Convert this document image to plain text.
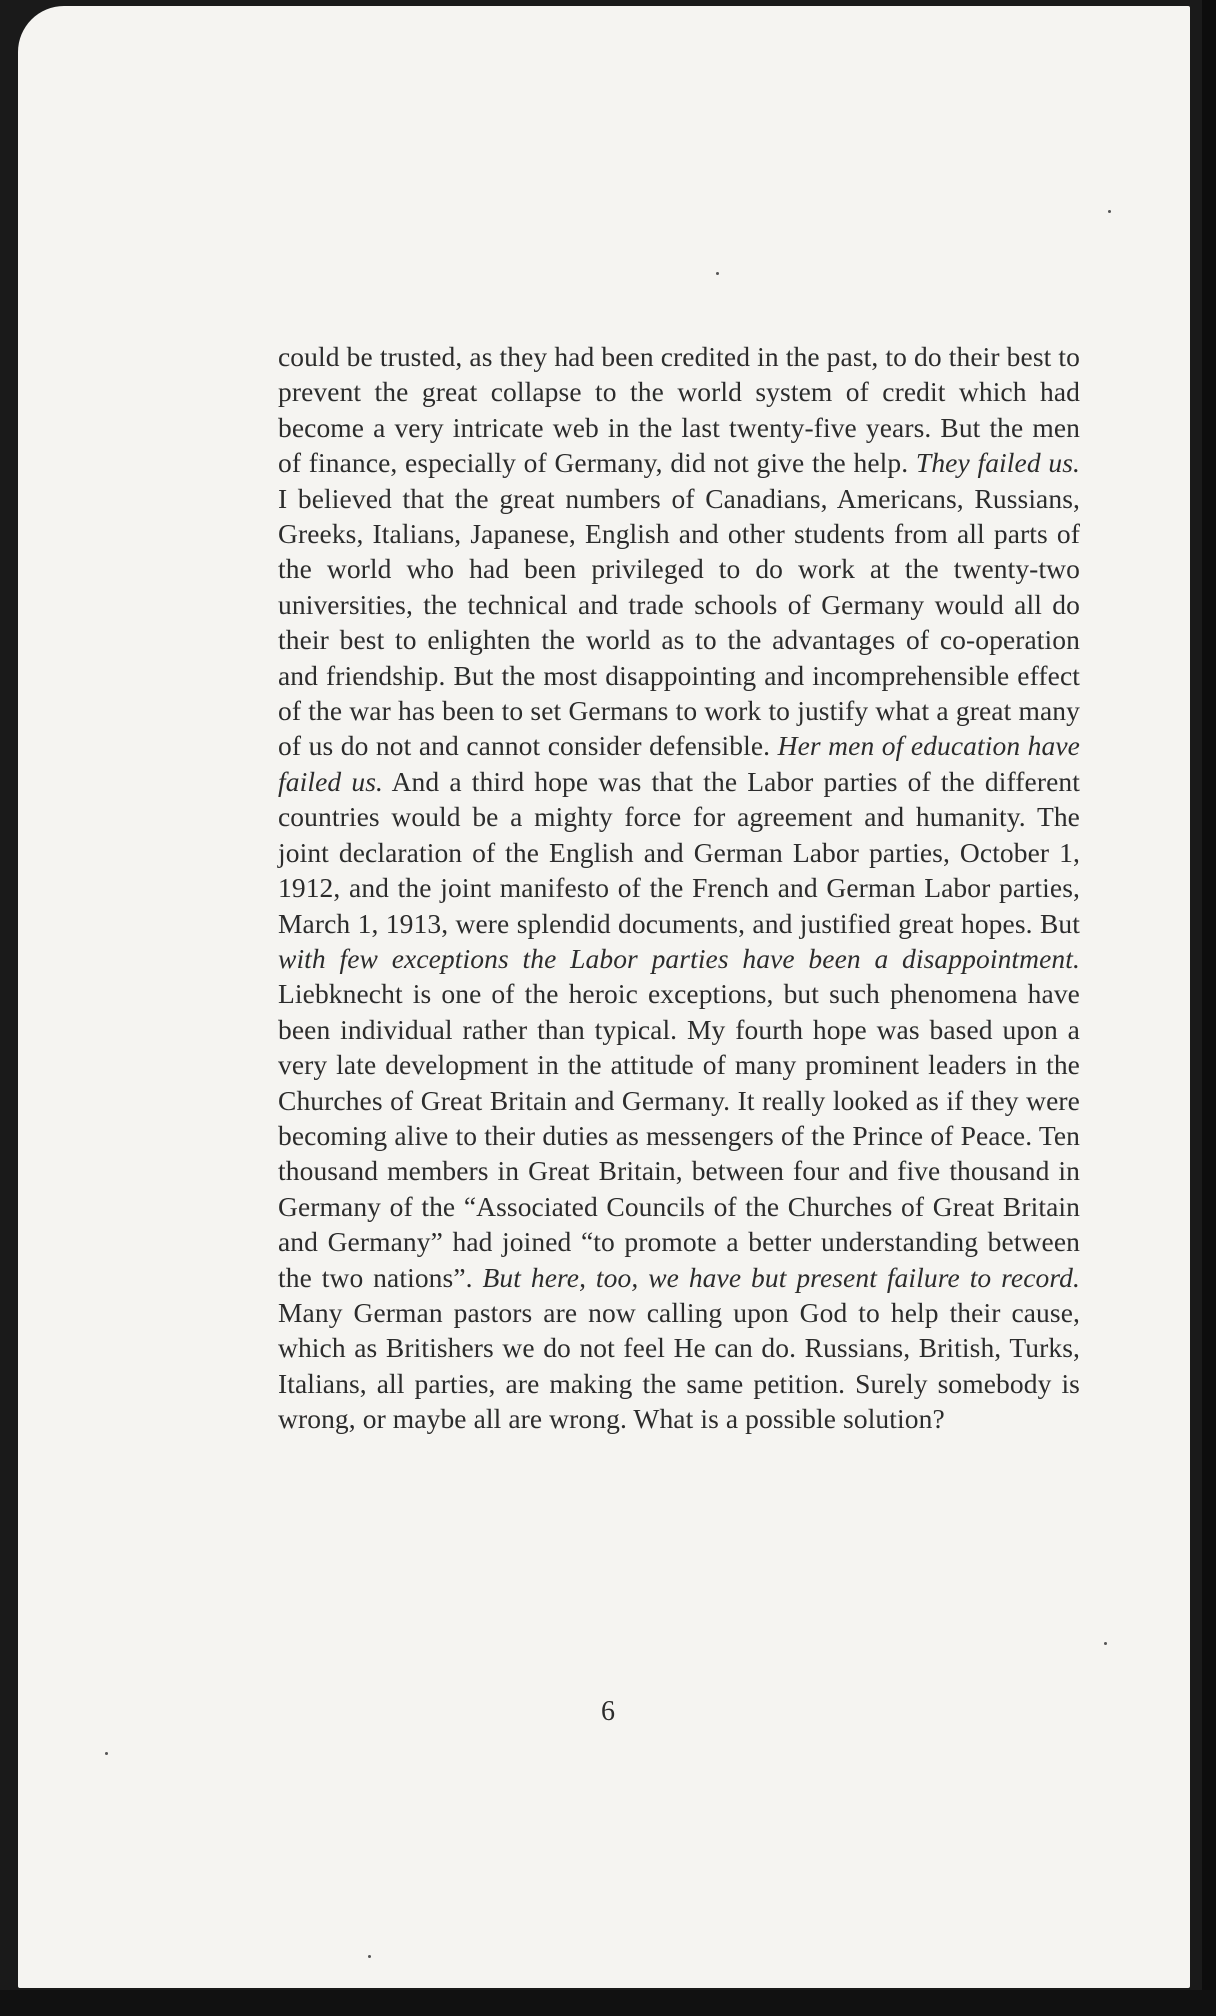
could be trusted, as they had been credited in the past, to do their best to prevent the great collapse to the world system of credit which had become a very intricate web in the last twenty-five years. But the men of finance, especially of Germany, did not give the help. They failed us. I believed that the great numbers of Canadians, Americans, Russians, Greeks, Italians, Japanese, English and other students from all parts of the world who had been privileged to do work at the twenty-two universities, the technical and trade schools of Germany would all do their best to enlighten the world as to the advantages of co-operation and friendship. But the most disappointing and incomprehensible effect of the war has been to set Germans to work to justify what a great many of us do not and cannot consider defensible. Her men of education have failed us. And a third hope was that the Labor parties of the different countries would be a mighty force for agreement and humanity. The joint declaration of the English and German Labor parties, October 1, 1912, and the joint manifesto of the French and German Labor parties, March 1, 1913, were splendid documents, and justified great hopes. But with few exceptions the Labor parties have been a disappointment. Liebknecht is one of the heroic exceptions, but such phenomena have been individual rather than typical. My fourth hope was based upon a very late development in the attitude of many prominent leaders in the Churches of Great Britain and Germany. It really looked as if they were becoming alive to their duties as messengers of the Prince of Peace. Ten thousand members in Great Britain, between four and five thousand in Germany of the “Associated Councils of the Churches of Great Britain and Germany” had joined “to promote a better understanding between the two nations”. But here, too, we have but present failure to record. Many German pastors are now calling upon God to help their cause, which as Britishers we do not feel He can do. Russians, British, Turks, Italians, all parties, are making the same petition. Surely somebody is wrong, or maybe all are wrong. What is a possible solution?

6
